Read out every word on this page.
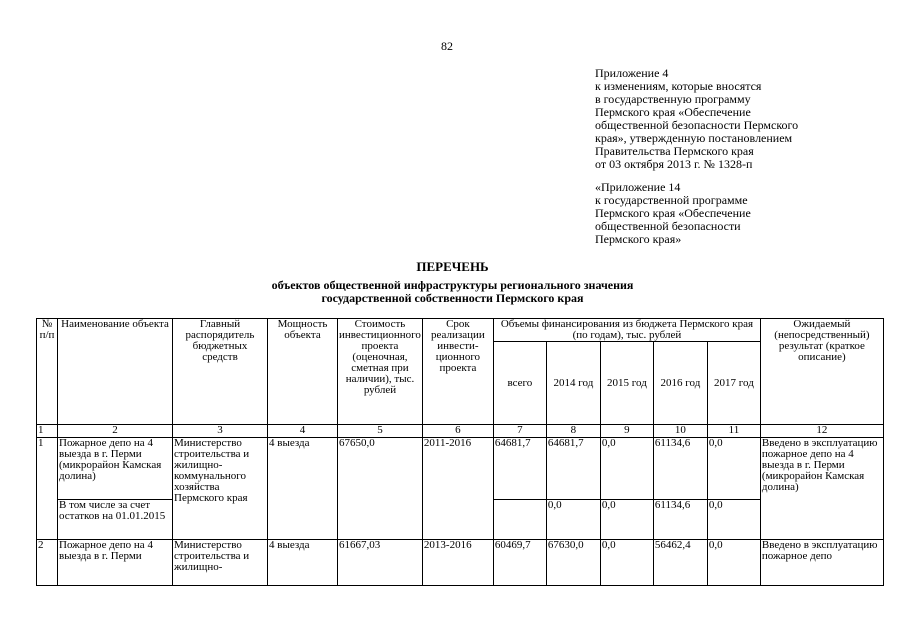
82
Приложение 4
к изменениям, которые вносятся
в государственную программу
Пермского края «Обеспечение
общественной безопасности Пермского
края», утвержденную постановлением
Правительства Пермского края
от 03 октября 2013 г. № 1328-п
«Приложение 14
к государственной программе
Пермского края «Обеспечение
общественной безопасности
Пермского края»
ПЕРЕЧЕНЬ
объектов общественной инфраструктуры регионального значения
государственной собственности Пермского края
№ п/п	Наименование объекта	Главный распорядитель бюджетных средств	Мощность объекта	Стоимость инвестиционного проекта (оценочная, сметная при наличии), тыс. рублей	Срок реализации инвести-ционного проекта	Объемы финансирования из бюджета Пермского края (по годам), тыс. рублей					Ожидаемый (непосредственный) результат (краткое описание)
						всего	2014 год	2015 год	2016 год	2017 год	
1	2	3	4	5	6	7	8	9	10	11	12
1	Пожарное депо на 4 выезда в г. Перми (микрорайон Камская долина)	Министерство строительства и жилищно-коммунального хозяйства Пермского края	4 выезда	67650,0	2011-2016	64681,7	64681,7	0,0	61134,6	0,0	Введено в эксплуатацию пожарное депо на 4 выезда в г. Перми (микрорайон Камская долина)
	В том числе за счет остатков на 01.01.2015						0,0	0,0	61134,6	0,0	
2	Пожарное депо на 4 выезда в г. Перми	Министерство строительства и жилищно-	4 выезда	61667,03	2013-2016	60469,7	67630,0	0,0	56462,4	0,0	Введено в эксплуатацию пожарное депо
